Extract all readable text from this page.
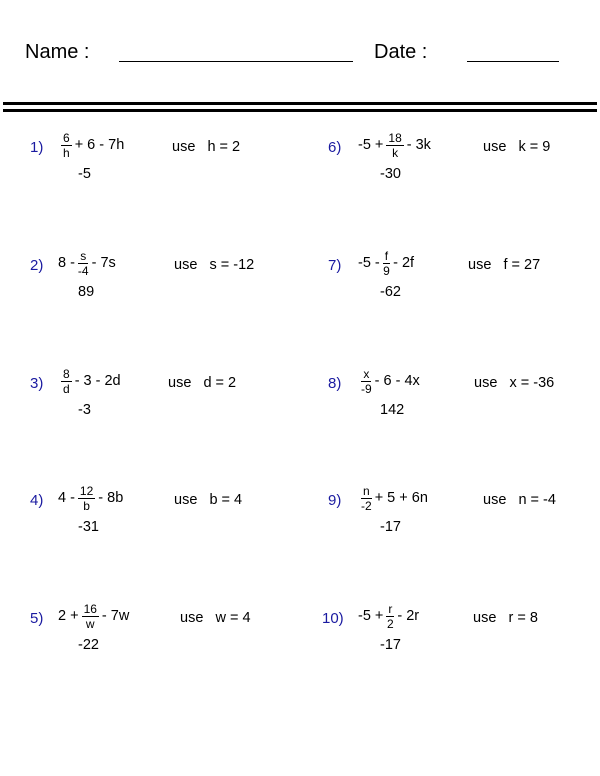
Name :	Date :
$1) \frac{6}{h} + 6 - 7h$	use   h = 2
-5
2) $8 - \frac{s}{-4} - 7s$	use   s = -12
89
$3) \frac{8}{d} - 3 - 2d$	use   d = 2
-3
4) $4 - \frac{12}{b} - 8b$	use   b = 4
-31
5) $2 + \frac{16}{w} - 7w$	use   w = 4
-22
6) $-5 + \frac{18}{k} - 3k$	use   k = 9
-30
7) $-5 - \frac{f}{9} - 2f$	use   f = 27
-62
$8) \frac{x}{-9} - 6 - 4x$	use   x = -36
142
$9) \frac{n}{-2} + 5 + 6n$	use   n = -4
-17
10) $-5 + \frac{r}{2} - 2r$	use   r = 8
-17
